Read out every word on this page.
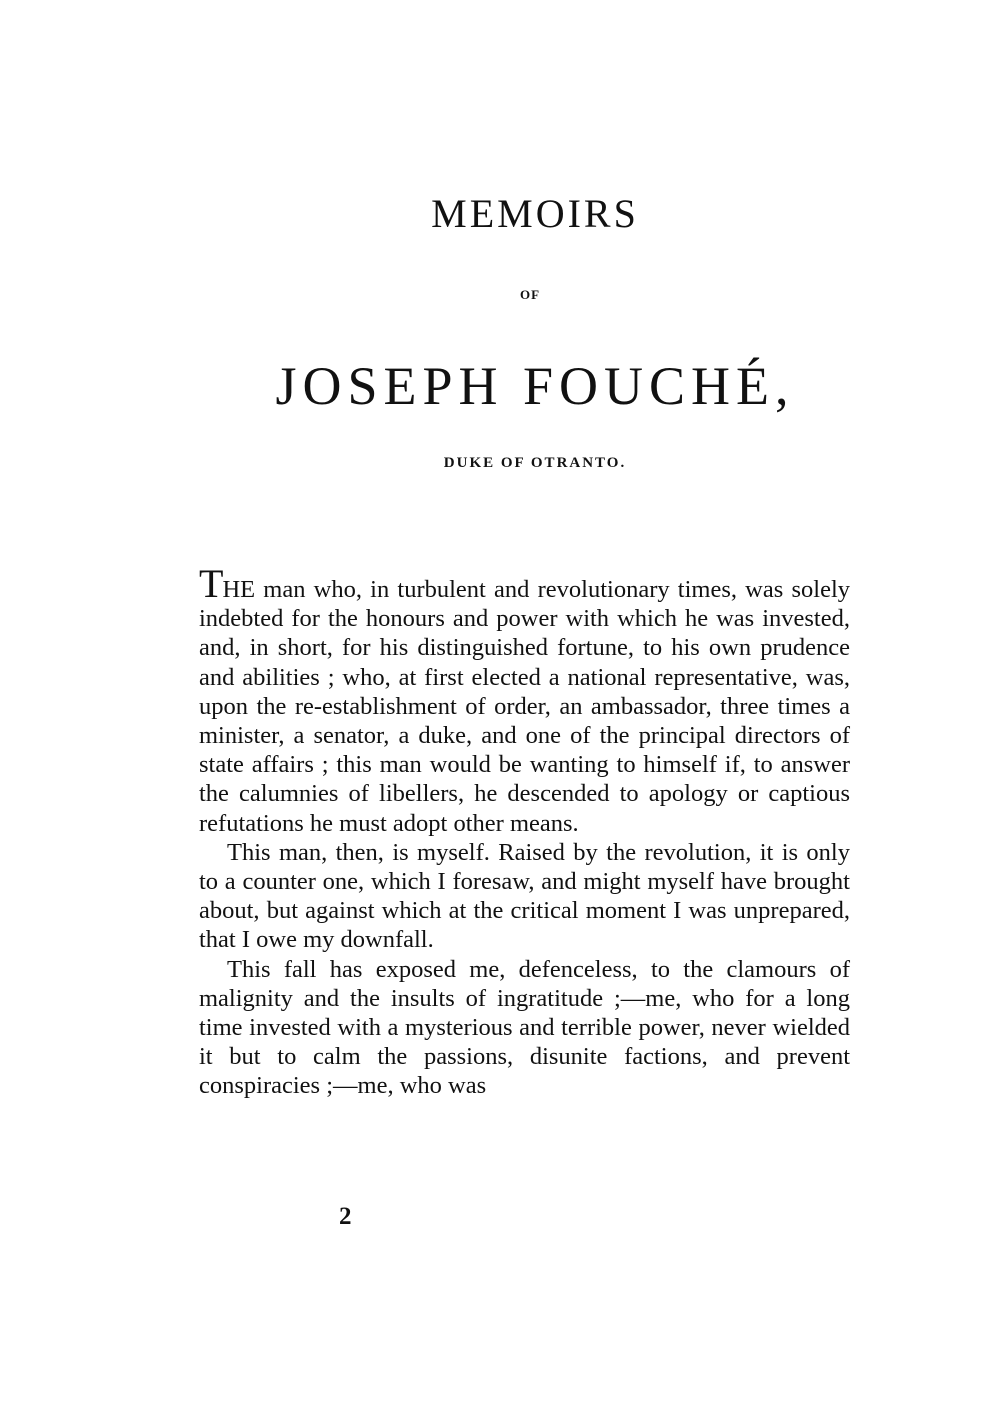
MEMOIRS
OF
JOSEPH FOUCHÉ,
DUKE OF OTRANTO.

THE man who, in turbulent and revolutionary times, was solely indebted for the honours and power with which he was invested, and, in short, for his distinguished fortune, to his own prudence and abilities ; who, at first elected a national representative, was, upon the re-establishment of order, an ambassador, three times a minister, a senator, a duke, and one of the principal directors of state affairs ; this man would be wanting to himself if, to answer the calumnies of libellers, he descended to apology or captious refutations he must adopt other means.

This man, then, is myself. Raised by the revolution, it is only to a counter one, which I foresaw, and might myself have brought about, but against which at the critical moment I was unprepared, that I owe my downfall.

This fall has exposed me, defenceless, to the clamours of malignity and the insults of ingratitude ;—me, who for a long time invested with a mysterious and terrible power, never wielded it but to calm the passions, disunite factions, and prevent conspiracies ;—me, who was

2
